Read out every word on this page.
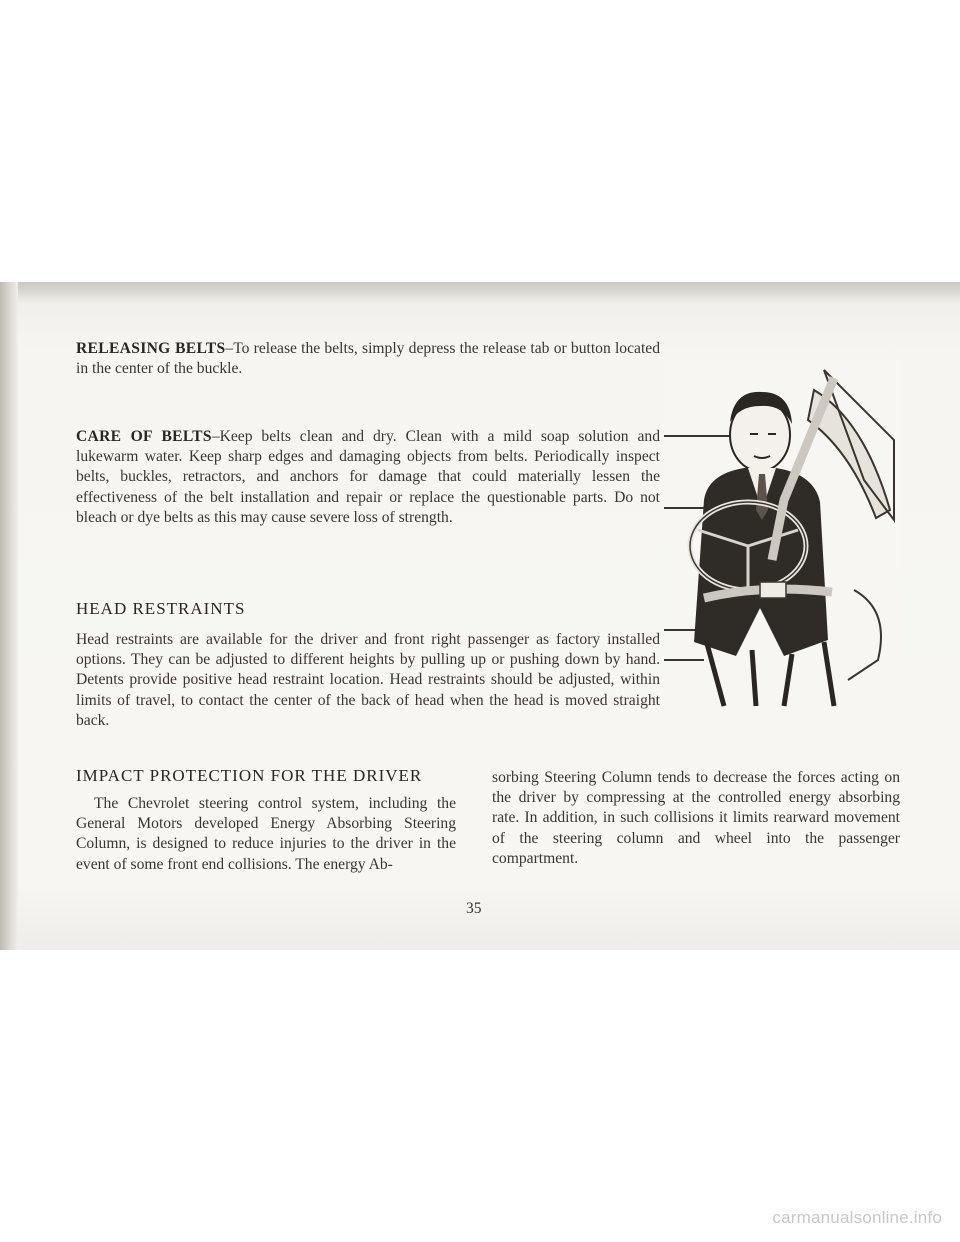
RELEASING BELTS–To release the belts, simply depress the release tab or button located in the center of the buckle.

CARE OF BELTS–Keep belts clean and dry. Clean with a mild soap solution and lukewarm water. Keep sharp edges and damaging objects from belts. Periodically inspect belts, buckles, retractors, and anchors for damage that could materially lessen the effectiveness of the belt installation and repair or replace the questionable parts. Do not bleach or dye belts as this may cause severe loss of strength.

HEAD RESTRAINTS

Head restraints are available for the driver and front right passenger as factory installed options. They can be adjusted to different heights by pulling up or pushing down by hand. Detents provide positive head restraint location. Head restraints should be adjusted, within limits of travel, to contact the center of the back of head when the head is moved straight back.

IMPACT PROTECTION FOR THE DRIVER

The Chevrolet steering control system, including the General Motors developed Energy Absorbing Steering Column, is designed to reduce injuries to the driver in the event of some front end collisions. The energy Ab-

sorbing Steering Column tends to decrease the forces acting on the driver by compressing at the controlled energy absorbing rate. In addition, in such collisions it limits rearward movement of the steering column and wheel into the passenger compartment.

35
carmanualsonline.info
